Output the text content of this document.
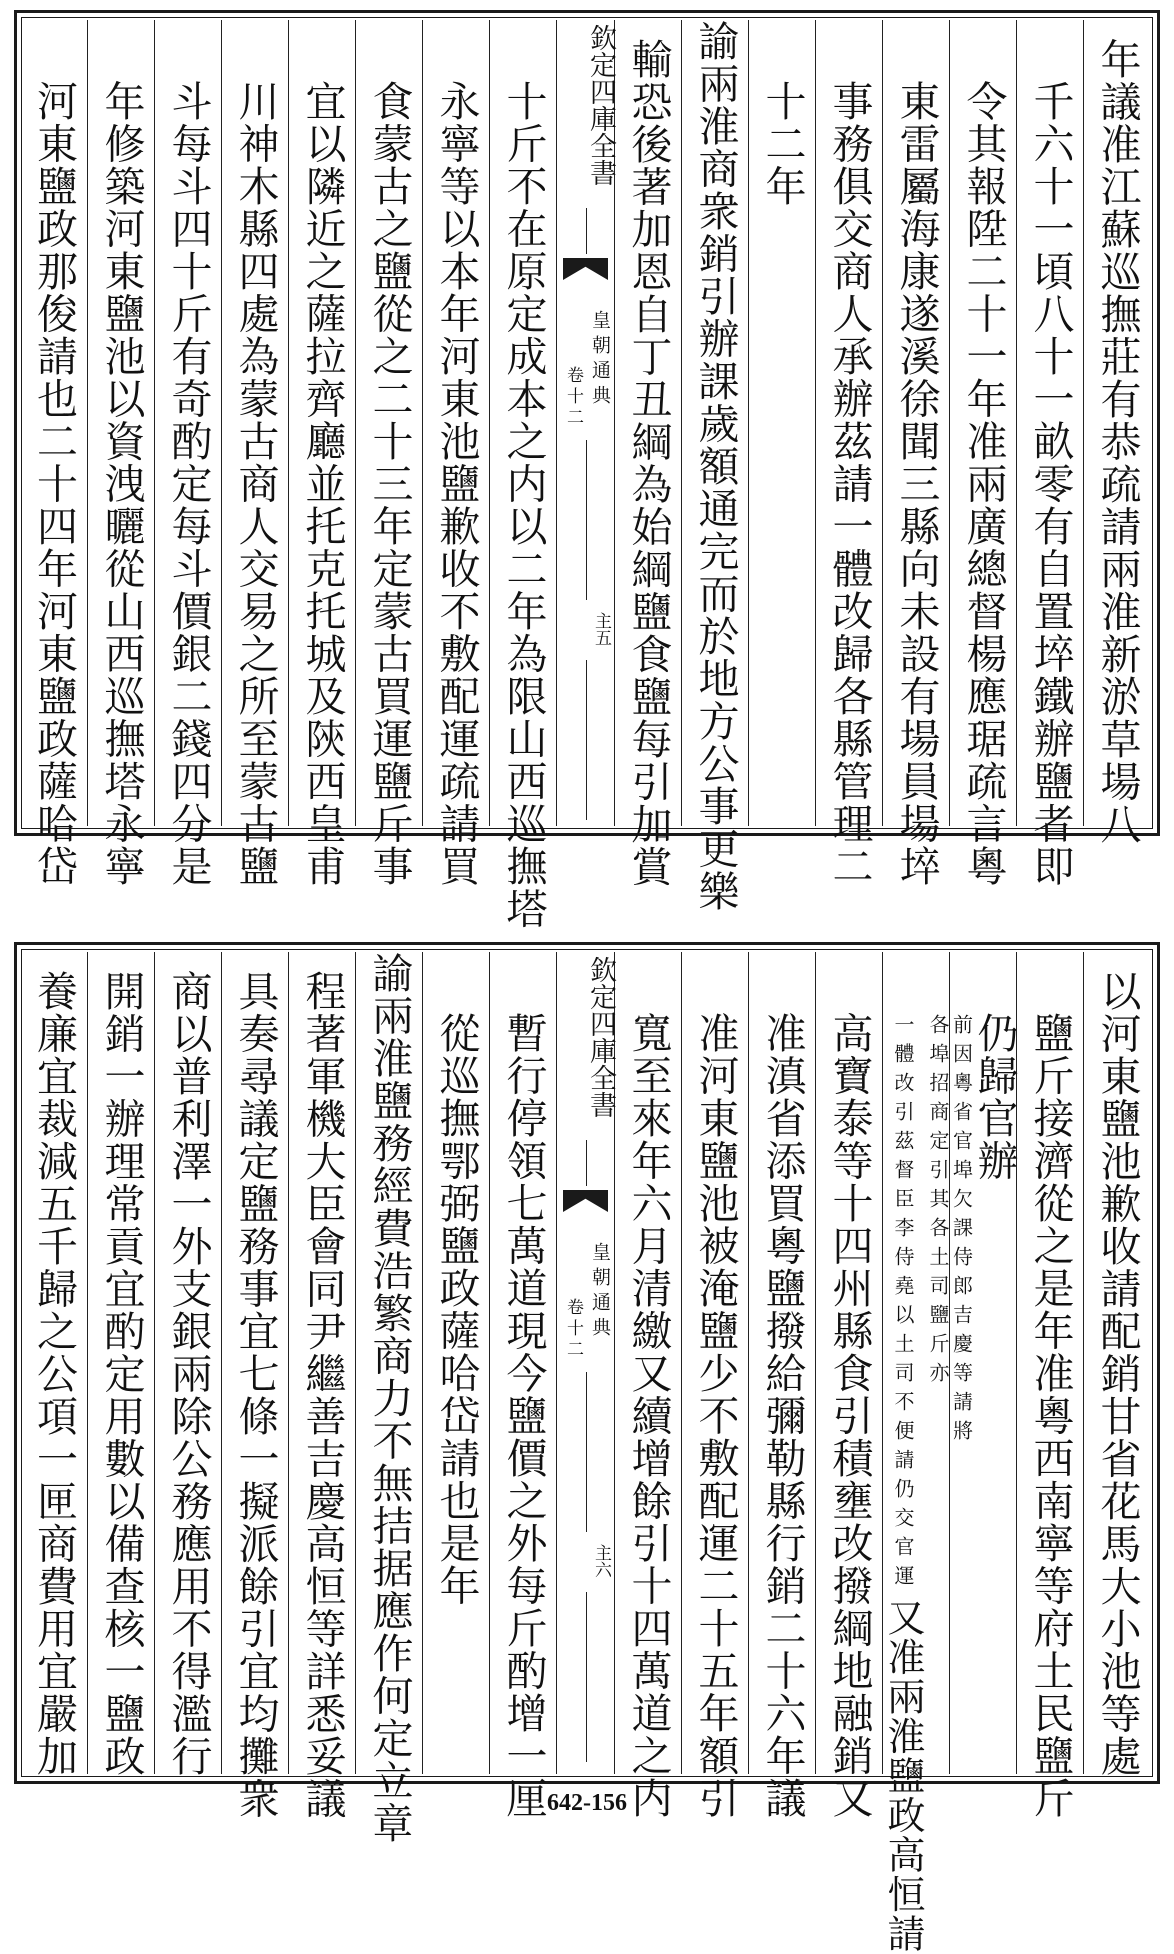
年議准江蘇巡撫莊有恭疏請兩淮新淤草場八
千六十一頃八十一畝零有自置埣鐵辦鹽者即
令其報陞二十一年准兩廣總督楊應琚疏言粵
東雷屬海康遂溪徐聞三縣向未設有場員場埣
事務俱交商人承辦茲請一體改歸各縣管理二
十二年
諭兩淮商衆銷引辦課歲額通完而於地方公事更樂
輸恐後著加恩自丁丑綱為始綱鹽食鹽每引加賞
欽定四庫全書
皇朝通典
卷十二
主五
十斤不在原定成本之内以二年為限山西巡撫塔
永寧等以本年河東池鹽歉收不敷配運疏請買
食蒙古之鹽從之二十三年定蒙古買運鹽斤事
宜以隣近之薩拉齊廳並托克托城及陝西皇甫
川神木縣四處為蒙古商人交易之所至蒙古鹽
斗每斗四十斤有奇酌定每斗價銀二錢四分是
年修築河東鹽池以資洩曬從山西巡撫塔永寧
河東鹽政那俊請也二十四年河東鹽政薩哈岱
以河東鹽池歉收請配銷甘省花馬大小池等處
鹽斤接濟從之是年准粵西南寧等府土民鹽斤
仍歸官辦
前因粵省官埠欠課侍郎吉慶等請將
各埠招商定引其各土司鹽斤亦
一體改引茲督臣李侍堯以土司不便請仍交官運
又准兩淮鹽政高恒請
高寶泰等十四州縣食引積壅改撥綱地融銷又
准滇省添買粵鹽撥給彌勒縣行銷二十六年議
准河東鹽池被淹鹽少不敷配運二十五年額引
寬至來年六月清繳又續增餘引十四萬道之内
欽定四庫全書
皇朝通典
卷十二
主六
暫行停領七萬道現今鹽價之外每斤酌增一厘
從巡撫鄂弼鹽政薩哈岱請也是年
諭兩淮鹽務經費浩繁商力不無拮据應作何定立章
程著軍機大臣會同尹繼善吉慶高恒等詳悉妥議
具奏尋議定鹽務事宜七條一擬派餘引宜均攤衆
商以普利澤一外支銀兩除公務應用不得濫行
開銷一辦理常貢宜酌定用數以備查核一鹽政
養廉宜裁減五千歸之公項一匣商費用宜嚴加
642-156
